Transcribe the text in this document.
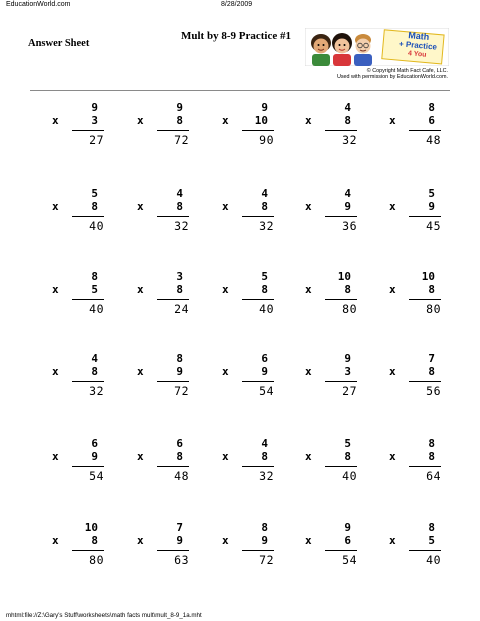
EducationWorld.com	8/28/2009
Answer Sheet
Mult by 8-9 Practice #1	Math
+ Practice
4 You
© Copyright Math Fact Cafe, LLC.
Used with permission by EducationWorld.com.
9
x	3
27
9
x	8
72
9
x 10
90
4
x	8
32
8
x	6
48
5
x	8
40
4
x	8
32
4
x	8
32
4
x	9
36
5
x	9
45
8
x	5
40
3
x	8
24
5
x	8
40
10
x	8
80
10
x	8
80
4
x	8
32
8
x	9
72
6
x	9
54
9
x	3
27
7
x	8
56
6
x	9
54
6
x	8
48
4
x	8
32
5
x	8
40
8
x	8
64
10
x	8
80
7
x	9
63
8
x	9
72
9
x	6
54
8
x	5
40
mhtml:file://Z:\Gary's Stuff\worksheets\math facts mult\mult_8-9_1a.mht
